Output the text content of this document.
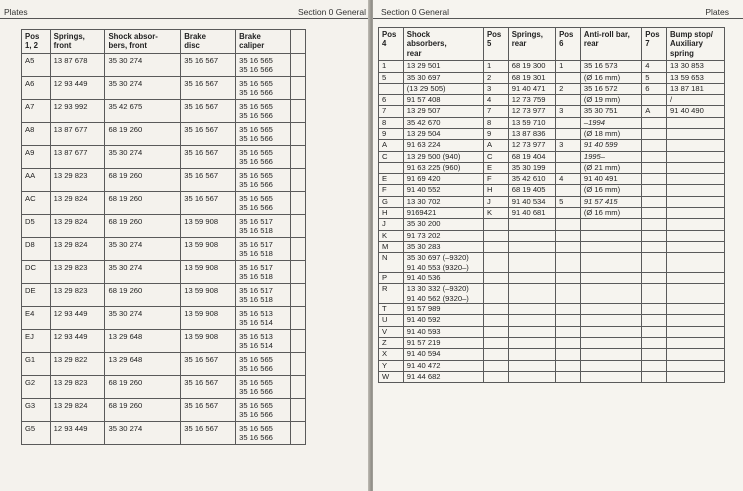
Plates	Section 0 General
Pos
1, 2	Springs,
front	Shock absor-
bers, front	Brake
disc	Brake
caliper	
A5	13 87 678	35 30 274	35 16 567	35 16 565
35 16 566	
A6	12 93 449	35 30 274	35 16 567	35 16 565
35 16 566	
A7	12 93 992	35 42 675	35 16 567	35 16 565
35 16 566	
A8	13 87 677	68 19 260	35 16 567	35 16 565
35 16 566	
A9	13 87 677	35 30 274	35 16 567	35 16 565
35 16 566	
AA	13 29 823	68 19 260	35 16 567	35 16 565
35 16 566	
AC	13 29 824	68 19 260	35 16 567	35 16 565
35 16 566	
D5	13 29 824	68 19 260	13 59 908	35 16 517
35 16 518	
D8	13 29 824	35 30 274	13 59 908	35 16 517
35 16 518	
DC	13 29 823	35 30 274	13 59 908	35 16 517
35 16 518	
DE	13 29 823	68 19 260	13 59 908	35 16 517
35 16 518	
E4	12 93 449	35 30 274	13 59 908	35 16 513
35 16 514	
EJ	12 93 449	13 29 648	13 59 908	35 16 513
35 16 514	
G1	13 29 822	13 29 648	35 16 567	35 16 565
35 16 566	
G2	13 29 823	68 19 260	35 16 567	35 16 565
35 16 566	
G3	13 29 824	68 19 260	35 16 567	35 16 565
35 16 566	
G5	12 93 449	35 30 274	35 16 567	35 16 565
35 16 566	
Section 0 General	Plates
Pos
4	Shock
absorbers,
rear	Pos
5	Springs,
rear	Pos
6	Anti-roll bar,
rear	Pos
7	Bump stop/
Auxiliary
spring
1	13 29 501	1	68 19 300	1	35 16 573	4	13 30 853
5	35 30 697	2	68 19 301		(Ø 16 mm)	5	13 59 653
	(13 29 505)	3	91 40 471	2	35 16 572	6	13 87 181
6	91 57 408	4	12 73 759		(Ø 19 mm)		/
7	13 29 507	7	12 73 977	3	35 30 751	A	91 40 490
8	35 42 670	8	13 59 710		–1994		
9	13 29 504	9	13 87 836		(Ø 18 mm)		
A	91 63 224	A	12 73 977	3	91 40 599		
C	13 29 500 (940)	C	68 19 404		1995–		
	91 63 225 (960)	E	35 30 199		(Ø 21 mm)		
E	91 69 420	F	35 42 610	4	91 40 491		
F	91 40 552	H	68 19 405		(Ø 16 mm)		
G	13 30 702	J	91 40 534	5	91 57 415		
H	9169421	K	91 40 681		(Ø 16 mm)		
J	35 30 200						
K	91 73 202						
M	35 30 283						
N	35 30 697 (–9320)
91 40 553 (9320–)						
P	91 40 536						
R	13 30 332 (–9320)
91 40 562 (9320–)						
T	91 57 989						
U	91 40 592						
V	91 40 593						
Z	91 57 219						
X	91 40 594						
Y	91 40 472						
W	91 44 682						
